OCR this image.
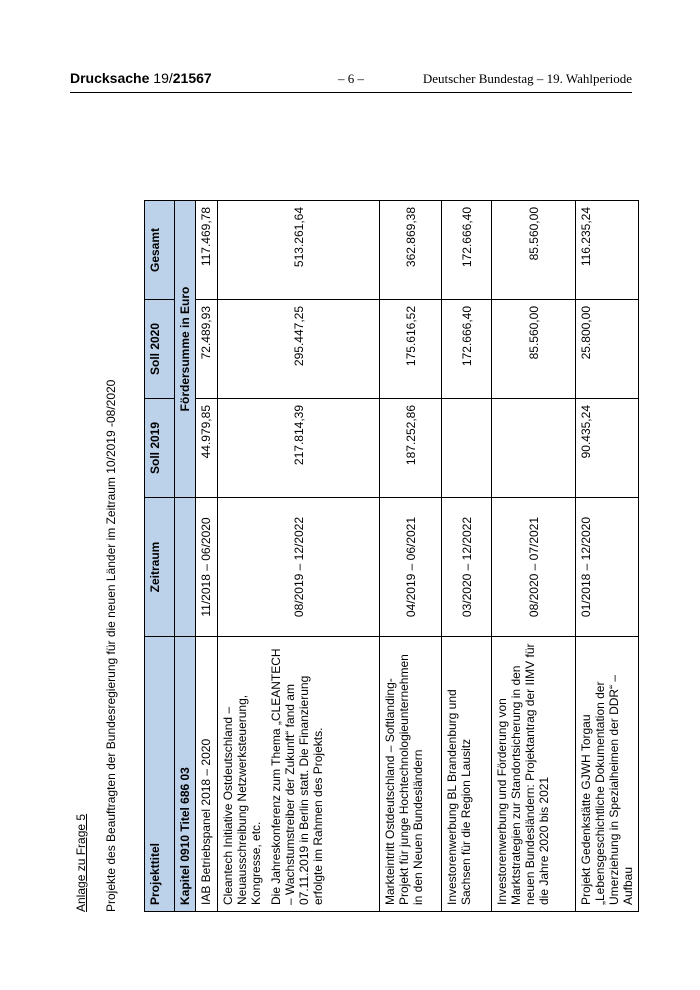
Drucksache 19/21567	– 6 –	Deutscher Bundestag – 19. Wahlperiode
Anlage zu Frage 5 Projekte des Beauftragten der Bundesregierung für die neuen Länder im Zeitraum 10/2019 -08/2020	Projekttitel	Zeitraum	Soll 2019	Soll 2020	Gesamt
Kapitel 0910 Titel 686 03		Fördersumme in Euro		
IAB Betriebspanel 2018 – 2020	11/2018 – 06/2020	44.979,85	72.489,93	117.469,78

Cleantech Initiative Ostdeutschland – Neuausschreibung Netzwerksteuerung, Kongresse, etc. Die Jahreskonferenz zum Thema „CLEANTECH – Wachstumstreiber der Zukunft“ fand am 07.11.2019 in Berlin statt. Die Finanzierung erfolgte im Rahmen des Projekts.	08/2019 – 12/2022	217.814,39	295.447,25	513.261,64
Markteintritt Ostdeutschland – Softlanding-Projekt für junge Hochtechnologieunternehmen in den Neuen Bundesländern	04/2019 – 06/2021	187.252,86	175.616,52	362.869,38
Investorenwerbung BL Brandenburg und Sachsen für die Region Lausitz	03/2020 – 12/2022		172.666,40	172.666,40
Investorenwerbung und Förderung von Marktstrategien zur Standortsicherung in den neuen Bundesländern: Projektantrag der IIMV für die Jahre 2020 bis 2021	08/2020 – 07/2021		85.560,00	85.560,00
Projekt Gedenkstätte GJWH Torgau „Lebensgeschichtliche Dokumentation der Umerziehung in Spezialheimen der DDR“ – Aufbau	01/2018 – 12/2020	90.435,24	25.800,00	116.235,24
